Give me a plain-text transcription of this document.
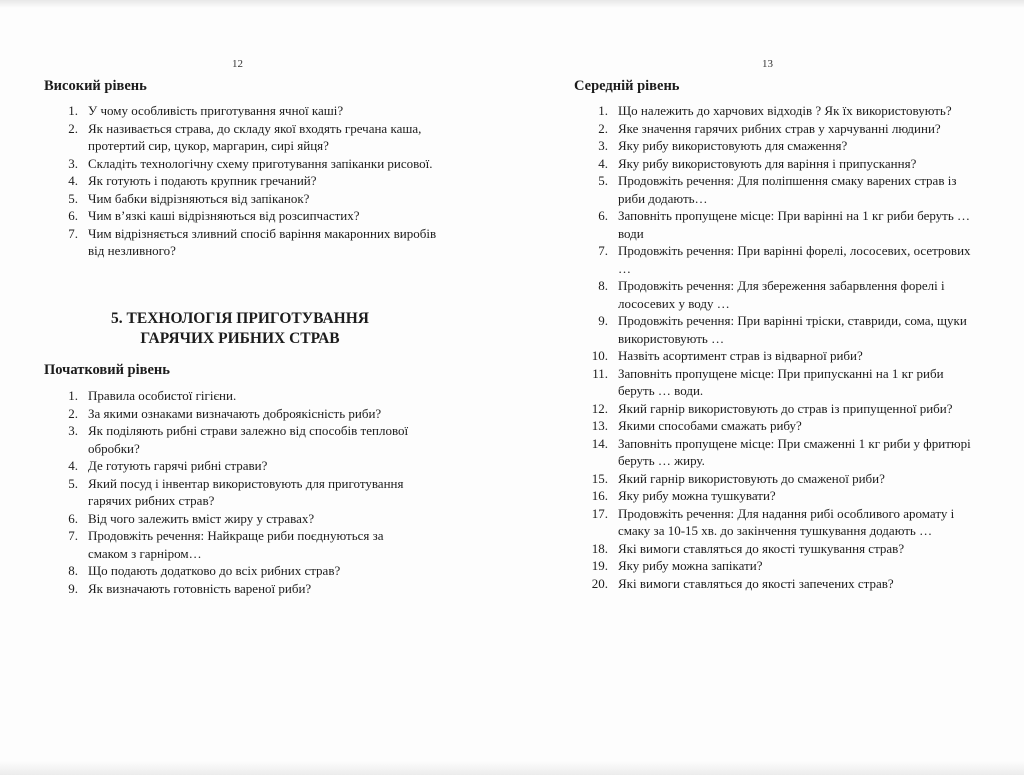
12
Високий рівень
1. У чому особливість приготування ячної каші?
2. Як називається страва, до складу якої входять гречана каша, протертий сир, цукор, маргарин, сирі яйця?
3. Складіть технологічну схему приготування запіканки рисової.
4. Як готують і подають крупник гречаний?
5. Чим бабки відрізняються від запіканок?
6. Чим в’язкі каші відрізняються від розсипчастих?
7. Чим відрізняється зливний спосіб варіння макаронних виробів від незливного?
5. ТЕХНОЛОГІЯ ПРИГОТУВАННЯ
ГАРЯЧИХ РИБНИХ СТРАВ
Початковий рівень
1. Правила особистої гігієни.
2. За якими ознаками визначають доброякісність риби?
3. Як поділяють рибні страви залежно від способів теплової обробки?
4. Де готують гарячі рибні страви?
5. Який посуд і інвентар використовують для приготування гарячих рибних страв?
6. Від чого залежить вміст жиру у стравах?
7. Продовжіть речення: Найкраще риби поєднуються за смаком з гарніром…
8. Що подають додатково до всіх рибних страв?
9. Як визначають готовність вареної риби?
13
Середній рівень
1. Що належить до харчових відходів ? Як їх використовують?
2. Яке значення гарячих рибних страв у харчуванні людини?
3. Яку рибу використовують для смаження?
4. Яку рибу використовують для варіння і припускання?
5. Продовжіть речення: Для поліпшення смаку варених страв із риби додають…
6. Заповніть пропущене місце: При варінні на 1 кг риби беруть … води
7. Продовжіть речення: При варінні форелі, лососевих, осетрових …
8. Продовжіть речення: Для збереження забарвлення форелі і лососевих у воду …
9. Продовжіть речення: При варінні тріски, ставриди, сома, щуки використовують …
10. Назвіть асортимент страв із відварної риби?
11. Заповніть пропущене місце: При припусканні на 1 кг риби беруть … води.
12. Який гарнір використовують до страв із припущенної риби?
13. Якими способами смажать рибу?
14. Заповніть пропущене місце: При смаженні 1 кг риби у фритюрі беруть … жиру.
15. Який гарнір використовують до смаженої риби?
16. Яку рибу можна тушкувати?
17. Продовжіть речення: Для надання рибі особливого аромату і смаку за 10-15 хв. до закінчення тушкування додають …
18. Які вимоги ставляться до якості тушкування страв?
19. Яку рибу можна запікати?
20. Які вимоги ставляться до якості запечених страв?
